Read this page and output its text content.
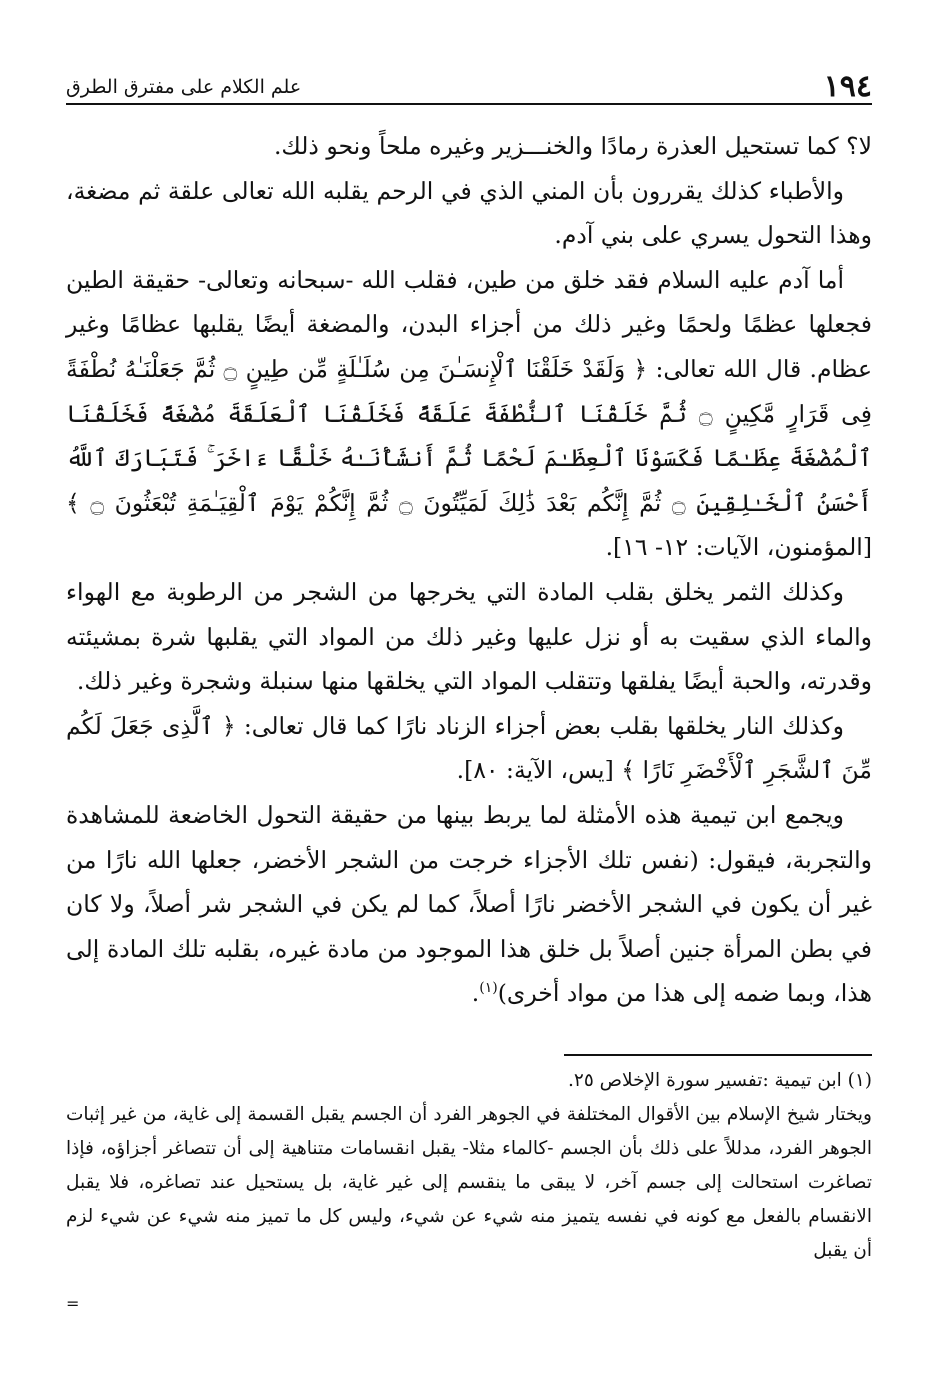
١٩٤
علم الكلام على مفترق الطرق

لا؟ كما تستحيل العذرة رمادًا والخنـــزير وغيره ملحاً ونحو ذلك.

والأطباء كذلك يقررون بأن المني الذي في الرحم يقلبه الله تعالى علقة ثم مضغة، وهذا التحول يسري على بني آدم.

أما آدم عليه السلام فقد خلق من طين، فقلب الله -سبحانه وتعالى- حقيقة الطين فجعلها عظمًا ولحمًا وغير ذلك من أجزاء البدن، والمضغة أيضًا يقلبها عظامًا وغير عظام. قال الله تعالى: ﴿ وَلَقَدْ خَلَقْنَا ٱلْإِنسَـٰنَ مِن سُلَـٰلَةٍ مِّن طِينٍ ۝ ثُمَّ جَعَلْنَـٰهُ نُطْفَةً فِى قَرَارٍ مَّكِينٍ ۝ ثُمَّ خَلَقْنَا ٱلنُّطْفَةَ عَلَقَةً فَخَلَقْنَا ٱلْعَلَقَةَ مُضْغَةً فَخَلَقْنَا ٱلْمُضْغَةَ عِظَـٰمًا فَكَسَوْنَا ٱلْعِظَـٰمَ لَحْمًا ثُمَّ أَنشَأْنَـٰهُ خَلْقًا ءَاخَرَ ۚ فَتَبَارَكَ ٱللَّهُ أَحْسَنُ ٱلْخَـٰلِقِينَ ۝ ثُمَّ إِنَّكُم بَعْدَ ذَٰلِكَ لَمَيِّتُونَ ۝ ثُمَّ إِنَّكُمْ يَوْمَ ٱلْقِيَـٰمَةِ تُبْعَثُونَ ۝ ﴾ [المؤمنون، الآيات: ١٢- ١٦].

وكذلك الثمر يخلق بقلب المادة التي يخرجها من الشجر من الرطوبة مع الهواء والماء الذي سقيت به أو نزل عليها وغير ذلك من المواد التي يقلبها شرة بمشيئته وقدرته، والحبة أيضًا يفلقها وتتقلب المواد التي يخلقها منها سنبلة وشجرة وغير ذلك.

وكذلك النار يخلقها بقلب بعض أجزاء الزناد نارًا كما قال تعالى: ﴿ ٱلَّذِى جَعَلَ لَكُم مِّنَ ٱلشَّجَرِ ٱلْأَخْضَرِ نَارًا ﴾ [يس، الآية: ٨٠].

ويجمع ابن تيمية هذه الأمثلة لما يربط بينها من حقيقة التحول الخاضعة للمشاهدة والتجربة، فيقول: (نفس تلك الأجزاء خرجت من الشجر الأخضر، جعلها الله نارًا من غير أن يكون في الشجر الأخضر نارًا أصلاً، كما لم يكن في الشجر شر أصلاً، ولا كان في بطن المرأة جنين أصلاً بل خلق هذا الموجود من مادة غيره، بقلبه تلك المادة إلى هذا، وبما ضمه إلى هذا من مواد أخرى)$^{(١)}$.

(١) ابن تيمية :تفسير سورة الإخلاص ٢٥.

ويختار شيخ الإسلام بين الأقوال المختلفة في الجوهر الفرد أن الجسم يقبل القسمة إلى غاية، من غير إثبات الجوهر الفرد، مدللاً على ذلك بأن الجسم -كالماء مثلا- يقبل انقسامات متناهية إلى أن تتصاغر أجزاؤه، فإذا تصاغرت استحالت إلى جسم آخر، لا يبقى ما ينقسم إلى غير غاية، بل يستحيل عند تصاغره، فلا يقبل الانقسام بالفعل مع كونه في نفسه يتميز منه شيء عن شيء، وليس كل ما تميز منه شيء عن شيء لزم أن يقبل

=
